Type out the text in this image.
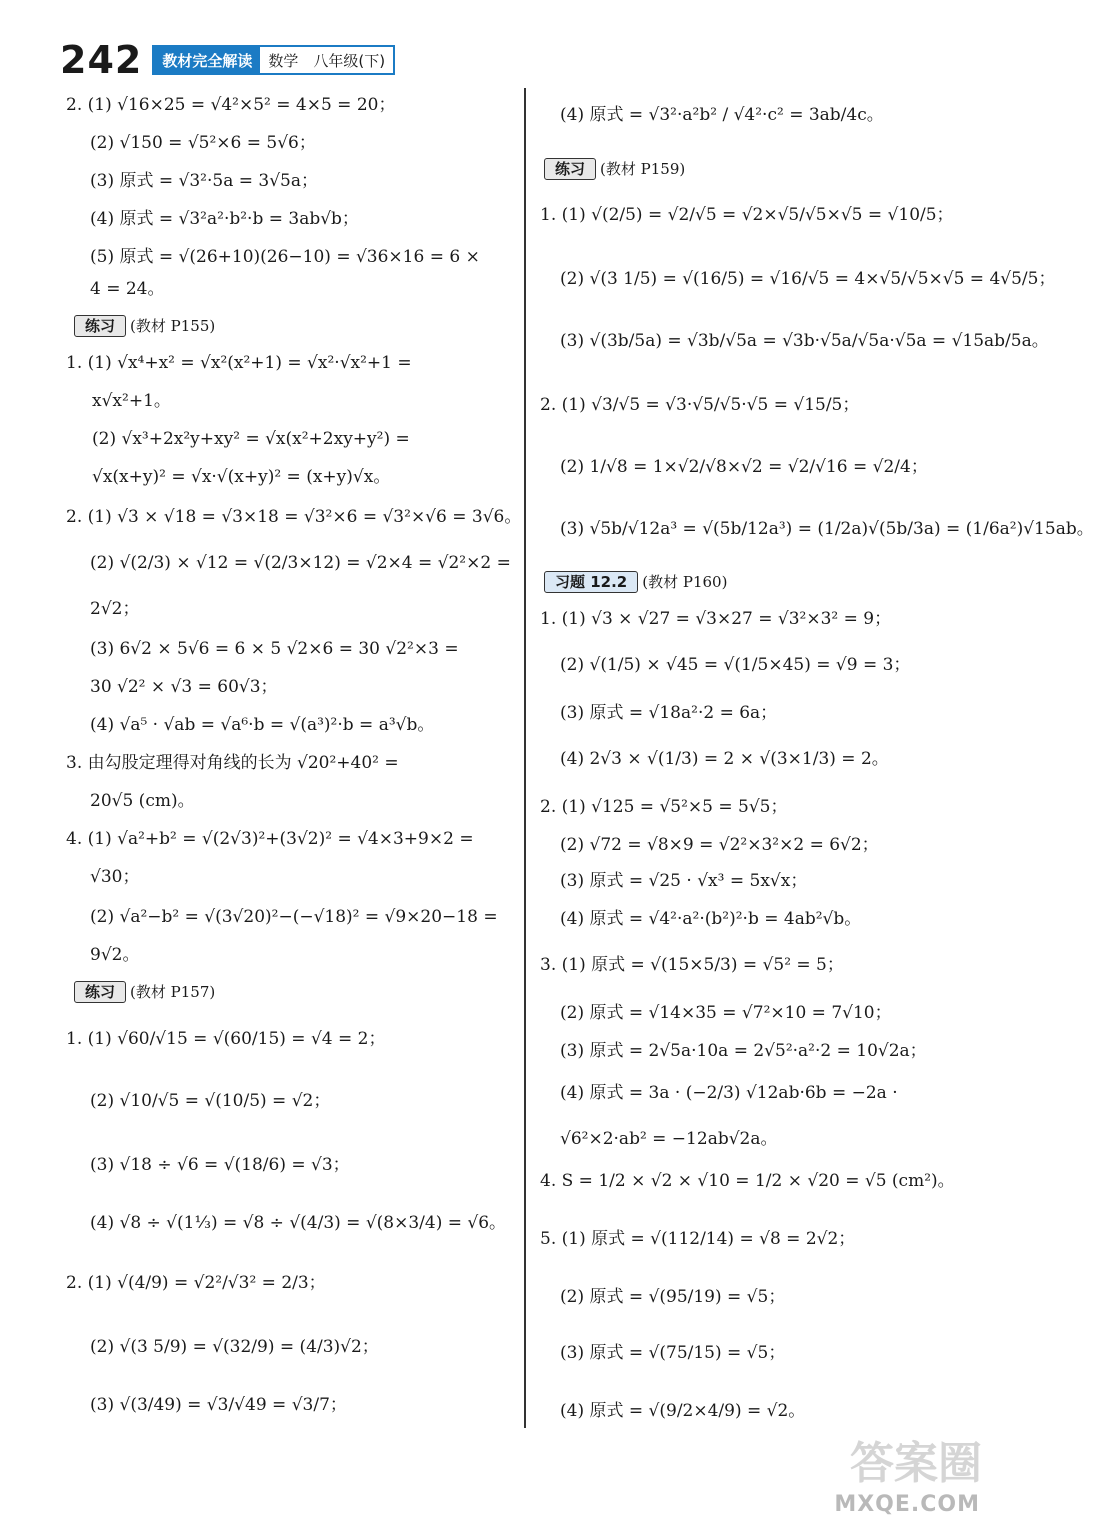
242	教材完全解读	数学　八年级(下)
2. (1) √16×25 = √4²×5² = 4×5 = 20；
(2) √150 = √5²×6 = 5√6；
(3) 原式 = √3²·5a = 3√5a；
(4) 原式 = √3²a²·b²·b = 3ab√b；
(5) 原式 = √(26+10)(26−10) = √36×16 = 6 ×
4 = 24。
练习 (教材 P155)
1. (1) √x⁴+x² = √x²(x²+1) = √x²·√x²+1 =
x√x²+1。
(2) √x³+2x²y+xy² = √x(x²+2xy+y²) =
√x(x+y)² = √x·√(x+y)² = (x+y)√x。
2. (1) √3 × √18 = √3×18 = √3²×6 = √3²×√6 = 3√6。
(2) √(2/3) × √12 = √(2/3×12) = √2×4 = √2²×2 =
2√2；
(3) 6√2 × 5√6 = 6 × 5 √2×6 = 30 √2²×3 =
30 √2² × √3 = 60√3；
(4) √a⁵ · √ab = √a⁶·b = √(a³)²·b = a³√b。
3. 由勾股定理得对角线的长为 √20²+40² =
20√5 (cm)。
4. (1) √a²+b² = √(2√3)²+(3√2)² = √4×3+9×2 =
√30；
(2) √a²−b² = √(3√20)²−(−√18)² = √9×20−18 =
9√2。
练习 (教材 P157)
1. (1) √60/√15 = √(60/15) = √4 = 2；
(2) √10/√5 = √(10/5) = √2；
(3) √18 ÷ √6 = √(18/6) = √3；
(4) √8 ÷ √(1⅓) = √8 ÷ √(4/3) = √(8×3/4) = √6。
2. (1) √(4/9) = √2²/√3² = 2/3；
(2) √(3 5/9) = √(32/9) = (4/3)√2；
(3) √(3/49) = √3/√49 = √3/7；
(4) 原式 = √3²·a²b² / √4²·c² = 3ab/4c。
练习 (教材 P159)
1. (1) √(2/5) = √2/√5 = √2×√5/√5×√5 = √10/5；
(2) √(3 1/5) = √(16/5) = √16/√5 = 4×√5/√5×√5 = 4√5/5；
(3) √(3b/5a) = √3b/√5a = √3b·√5a/√5a·√5a = √15ab/5a。
2. (1) √3/√5 = √3·√5/√5·√5 = √15/5；
(2) 1/√8 = 1×√2/√8×√2 = √2/√16 = √2/4；
(3) √5b/√12a³ = √(5b/12a³) = (1/2a)√(5b/3a) = (1/6a²)√15ab。
习题 12.2 (教材 P160)
1. (1) √3 × √27 = √3×27 = √3²×3² = 9；
(2) √(1/5) × √45 = √(1/5×45) = √9 = 3；
(3) 原式 = √18a²·2 = 6a；
(4) 2√3 × √(1/3) = 2 × √(3×1/3) = 2。
2. (1) √125 = √5²×5 = 5√5；
(2) √72 = √8×9 = √2²×3²×2 = 6√2；
(3) 原式 = √25 · √x³ = 5x√x；
(4) 原式 = √4²·a²·(b²)²·b = 4ab²√b。
3. (1) 原式 = √(15×5/3) = √5² = 5；
(2) 原式 = √14×35 = √7²×10 = 7√10；
(3) 原式 = 2√5a·10a = 2√5²·a²·2 = 10√2a；
(4) 原式 = 3a · (−2/3) √12ab·6b = −2a ·
√6²×2·ab² = −12ab√2a。
4. S = 1/2 × √2 × √10 = 1/2 × √20 = √5 (cm²)。
5. (1) 原式 = √(112/14) = √8 = 2√2；
(2) 原式 = √(95/19) = √5；
(3) 原式 = √(75/15) = √5；
(4) 原式 = √(9/2×4/9) = √2。
答案圈
MXQE.COM
